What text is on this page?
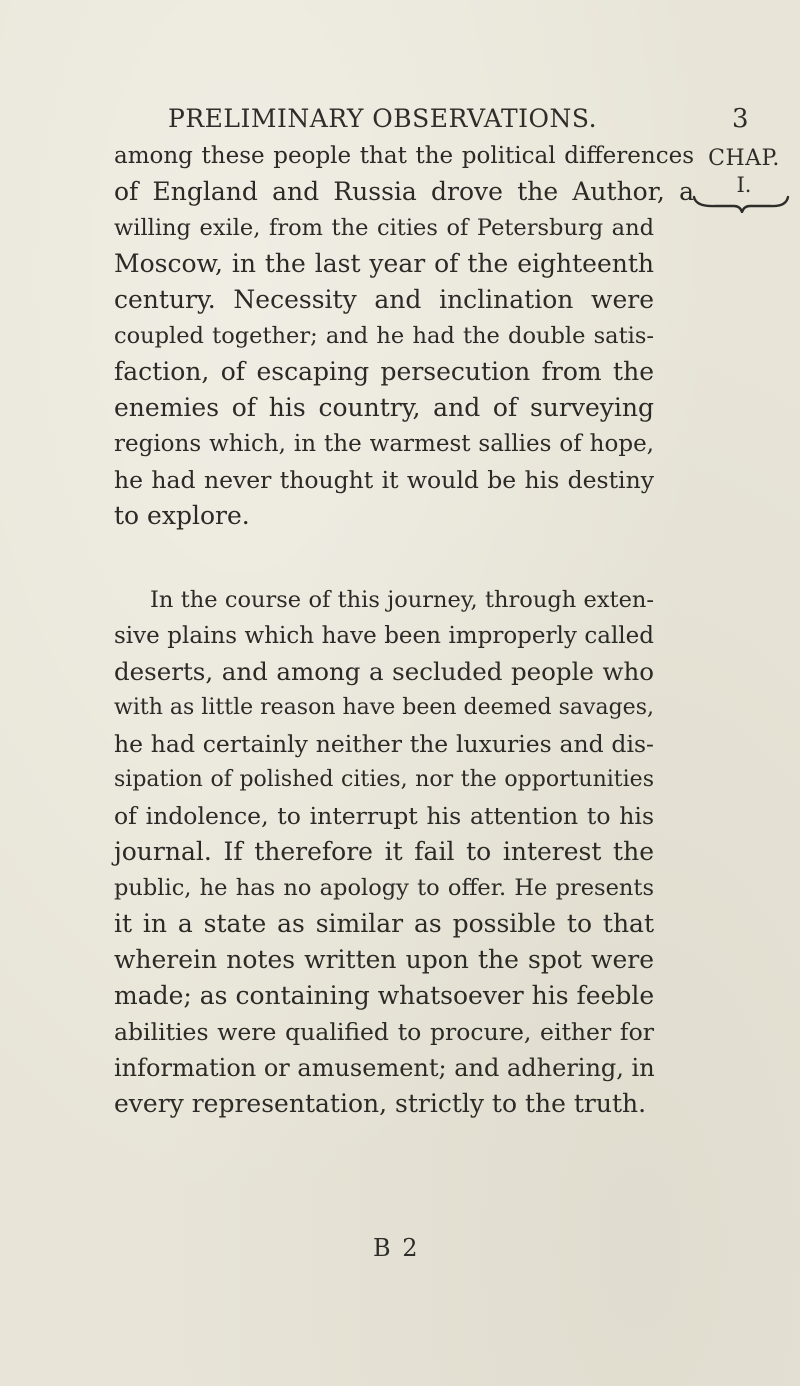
PRELIMINARY OBSERVATIONS.	3
CHAP.
I.
among these people that the political differences
of England and Russia drove the Author, a
willing exile, from the cities of Petersburg and
Moscow, in the last year of the eighteenth
century. Necessity and inclination were
coupled together; and he had the double satis-
faction, of escaping persecution from the
enemies of his country, and of surveying
regions which, in the warmest sallies of hope,
he had never thought it would be his destiny
to explore.
In the course of this journey, through exten-
sive plains which have been improperly called
deserts, and among a secluded people who
with as little reason have been deemed savages,
he had certainly neither the luxuries and dis-
sipation of polished cities, nor the opportunities
of indolence, to interrupt his attention to his
journal. If therefore it fail to interest the
public, he has no apology to offer. He presents
it in a state as similar as possible to that
wherein notes written upon the spot were
made; as containing whatsoever his feeble
abilities were qualified to procure, either for
information or amusement; and adhering, in
every representation, strictly to the truth.
B 2
